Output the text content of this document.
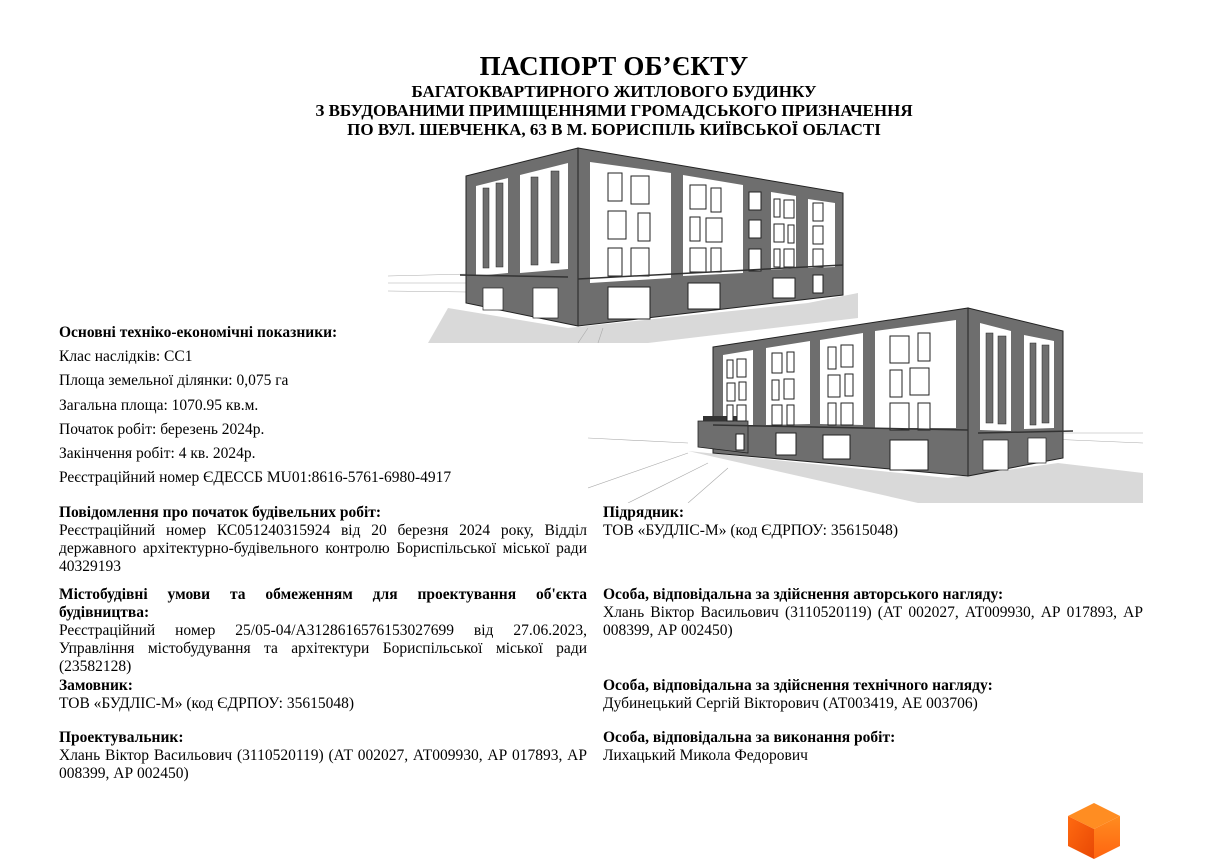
ПАСПОРТ ОБ’ЄКТУ
БАГАТОКВАРТИРНОГО ЖИТЛОВОГО БУДИНКУ
З ВБУДОВАНИМИ ПРИМІЩЕННЯМИ ГРОМАДСЬКОГО ПРИЗНАЧЕННЯ
ПО ВУЛ. ШЕВЧЕНКА, 63 В М. БОРИСПІЛЬ КИЇВСЬКОЇ ОБЛАСТІ
Основні техніко-економічні показники:
Клас наслідків: СС1
Площа земельної ділянки: 0,075 га
Загальна площа: 1070.95 кв.м.
Початок робіт: березень 2024р.
Закінчення робіт: 4 кв. 2024р.
Реєстраційний номер ЄДЕССБ MU01:8616-5761-6980-4917
Повідомлення про початок будівельних робіт:
Реєстраційний номер КС051240315924 від 20 березня 2024 року, Відділ державного архітектурно-будівельного контролю Бориспільської міської ради 40329193
Містобудівні умови та обмеженням для проектування об'єкта
будівництва:
Реєстраційний номер 25/05-04/А3128616576153027699 від 27.06.2023, Управління містобудування та архітектури Бориспільської міської ради (23582128)
Замовник:
ТОВ «БУДЛІС-М» (код ЄДРПОУ: 35615048)
Проектувальник:
Хлань Віктор Васильович (3110520119) (АТ 002027, АТ009930, АР 017893, АР 008399, АР 002450)
Підрядник:
ТОВ «БУДЛІС-М» (код ЄДРПОУ: 35615048)
Особа, відповідальна за здійснення авторського нагляду:
Хлань Віктор Васильович (3110520119) (АТ 002027, АТ009930, АР 017893, АР 008399, АР 002450)
Особа, відповідальна за здійснення технічного нагляду:
Дубинецький Сергій Вікторович (АТ003419, АЕ 003706)
Особа, відповідальна за виконання робіт:
Лихацький Микола Федорович
